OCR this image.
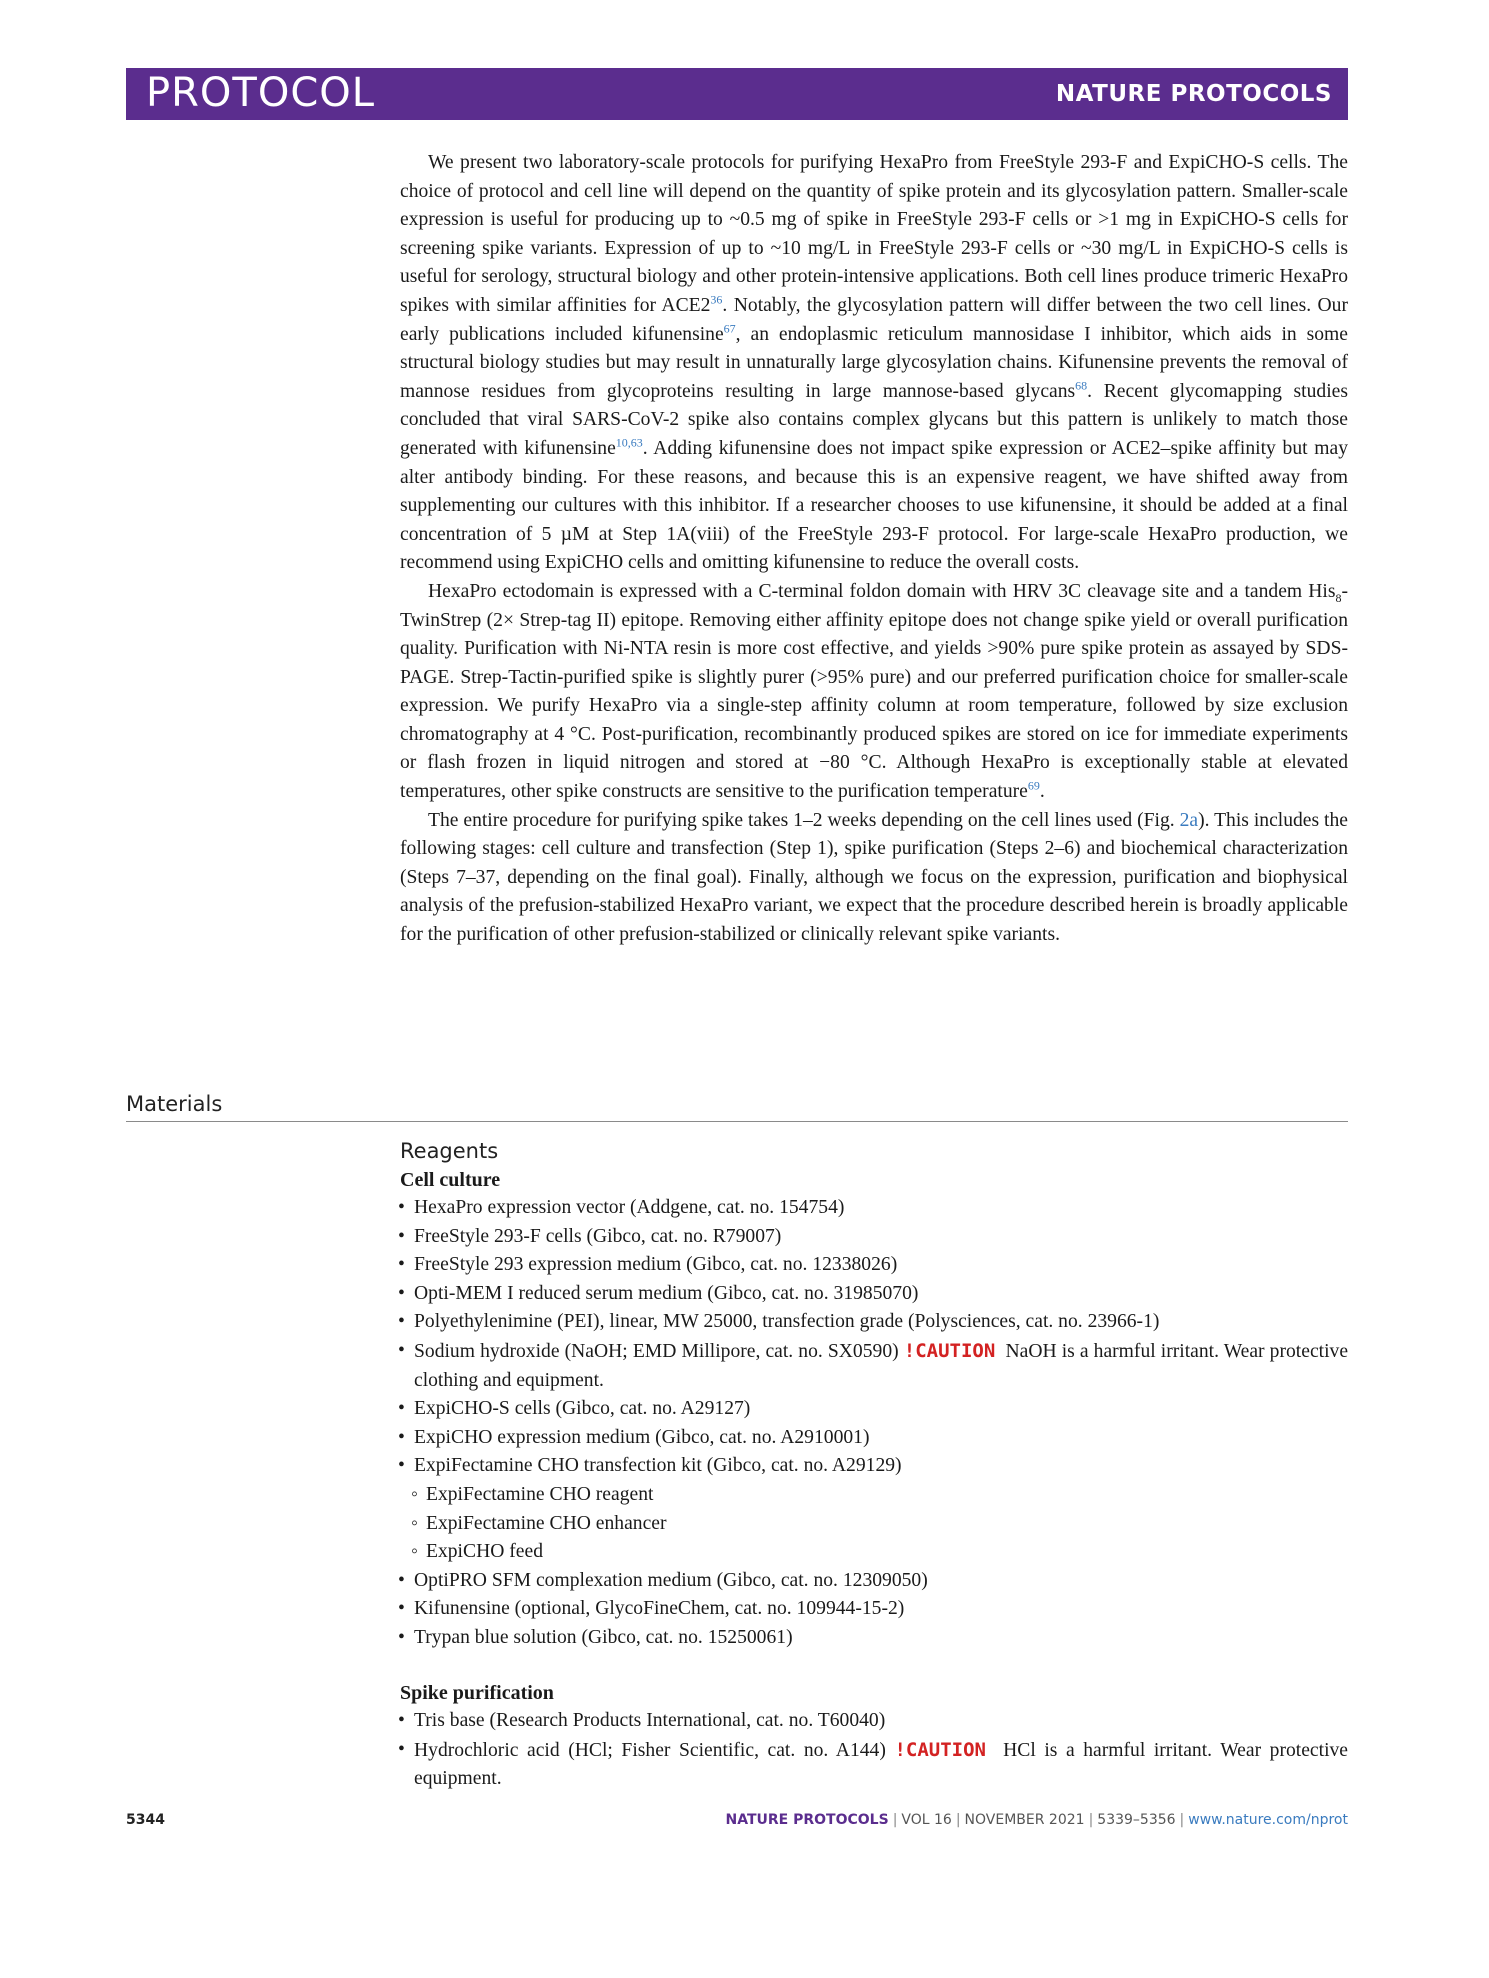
PROTOCOL	NATURE PROTOCOLS

We present two laboratory-scale protocols for purifying HexaPro from FreeStyle 293-F and ExpiCHO-S cells. The choice of protocol and cell line will depend on the quantity of spike protein and its glycosylation pattern. Smaller-scale expression is useful for producing up to ~0.5 mg of spike in FreeStyle 293-F cells or >1 mg in ExpiCHO-S cells for screening spike variants. Expression of up to ~10 mg/L in FreeStyle 293-F cells or ~30 mg/L in ExpiCHO-S cells is useful for serology, structural biology and other protein-intensive applications. Both cell lines produce trimeric HexaPro spikes with similar affinities for ACE2$^{36}$. Notably, the glycosylation pattern will differ between the two cell lines. Our early publications included kifunensine$^{67}$, an endoplasmic reticulum mannosidase I inhibitor, which aids in some structural biology studies but may result in unnaturally large glycosylation chains. Kifunensine prevents the removal of mannose residues from glycoproteins resulting in large mannose-based glycans$^{68}$. Recent glycomapping studies concluded that viral SARS-CoV-2 spike also contains complex glycans but this pattern is unlikely to match those generated with kifunensine$^{10,63}$. Adding kifunensine does not impact spike expression or ACE2–spike affinity but may alter antibody binding. For these reasons, and because this is an expensive reagent, we have shifted away from supplementing our cultures with this inhibitor. If a researcher chooses to use kifunensine, it should be added at a final concentration of 5 µM at Step 1A(viii) of the FreeStyle 293-F protocol. For large-scale HexaPro production, we recommend using ExpiCHO cells and omitting kifunensine to reduce the overall costs.

HexaPro ectodomain is expressed with a C-terminal foldon domain with HRV 3C cleavage site and a tandem His$_8$-TwinStrep (2× Strep-tag II) epitope. Removing either affinity epitope does not change spike yield or overall purification quality. Purification with Ni-NTA resin is more cost effective, and yields >90% pure spike protein as assayed by SDS-PAGE. Strep-Tactin-purified spike is slightly purer (>95% pure) and our preferred purification choice for smaller-scale expression. We purify HexaPro via a single-step affinity column at room temperature, followed by size exclusion chromatography at 4 °C. Post-purification, recombinantly produced spikes are stored on ice for immediate experiments or flash frozen in liquid nitrogen and stored at −80 °C. Although HexaPro is exceptionally stable at elevated temperatures, other spike constructs are sensitive to the purification temperature$^{69}$.

The entire procedure for purifying spike takes 1–2 weeks depending on the cell lines used (Fig. 2a). This includes the following stages: cell culture and transfection (Step 1), spike purification (Steps 2–6) and biochemical characterization (Steps 7–37, depending on the final goal). Finally, although we focus on the expression, purification and biophysical analysis of the prefusion-stabilized HexaPro variant, we expect that the procedure described herein is broadly applicable for the purification of other prefusion-stabilized or clinically relevant spike variants.

Materials
Reagents
Cell culture
• HexaPro expression vector (Addgene, cat. no. 154754)
• FreeStyle 293-F cells (Gibco, cat. no. R79007)
• FreeStyle 293 expression medium (Gibco, cat. no. 12338026)
• Opti-MEM I reduced serum medium (Gibco, cat. no. 31985070)
• Polyethylenimine (PEI), linear, MW 25000, transfection grade (Polysciences, cat. no. 23966-1)
• Sodium hydroxide (NaOH; EMD Millipore, cat. no. SX0590) !CAUTION NaOH is a harmful irritant. Wear protective clothing and equipment.
• ExpiCHO-S cells (Gibco, cat. no. A29127)
• ExpiCHO expression medium (Gibco, cat. no. A2910001)
• ExpiFectamine CHO transfection kit (Gibco, cat. no. A29129)
◦ ExpiFectamine CHO reagent
◦ ExpiFectamine CHO enhancer
◦ ExpiCHO feed
• OptiPRO SFM complexation medium (Gibco, cat. no. 12309050)
• Kifunensine (optional, GlycoFineChem, cat. no. 109944-15-2)
• Trypan blue solution (Gibco, cat. no. 15250061)
Spike purification
• Tris base (Research Products International, cat. no. T60040)
• Hydrochloric acid (HCl; Fisher Scientific, cat. no. A144) !CAUTION HCl is a harmful irritant. Wear protective equipment.
5344	NATURE PROTOCOLS | VOL 16 | NOVEMBER 2021 | 5339–5356 | www.nature.com/nprot
